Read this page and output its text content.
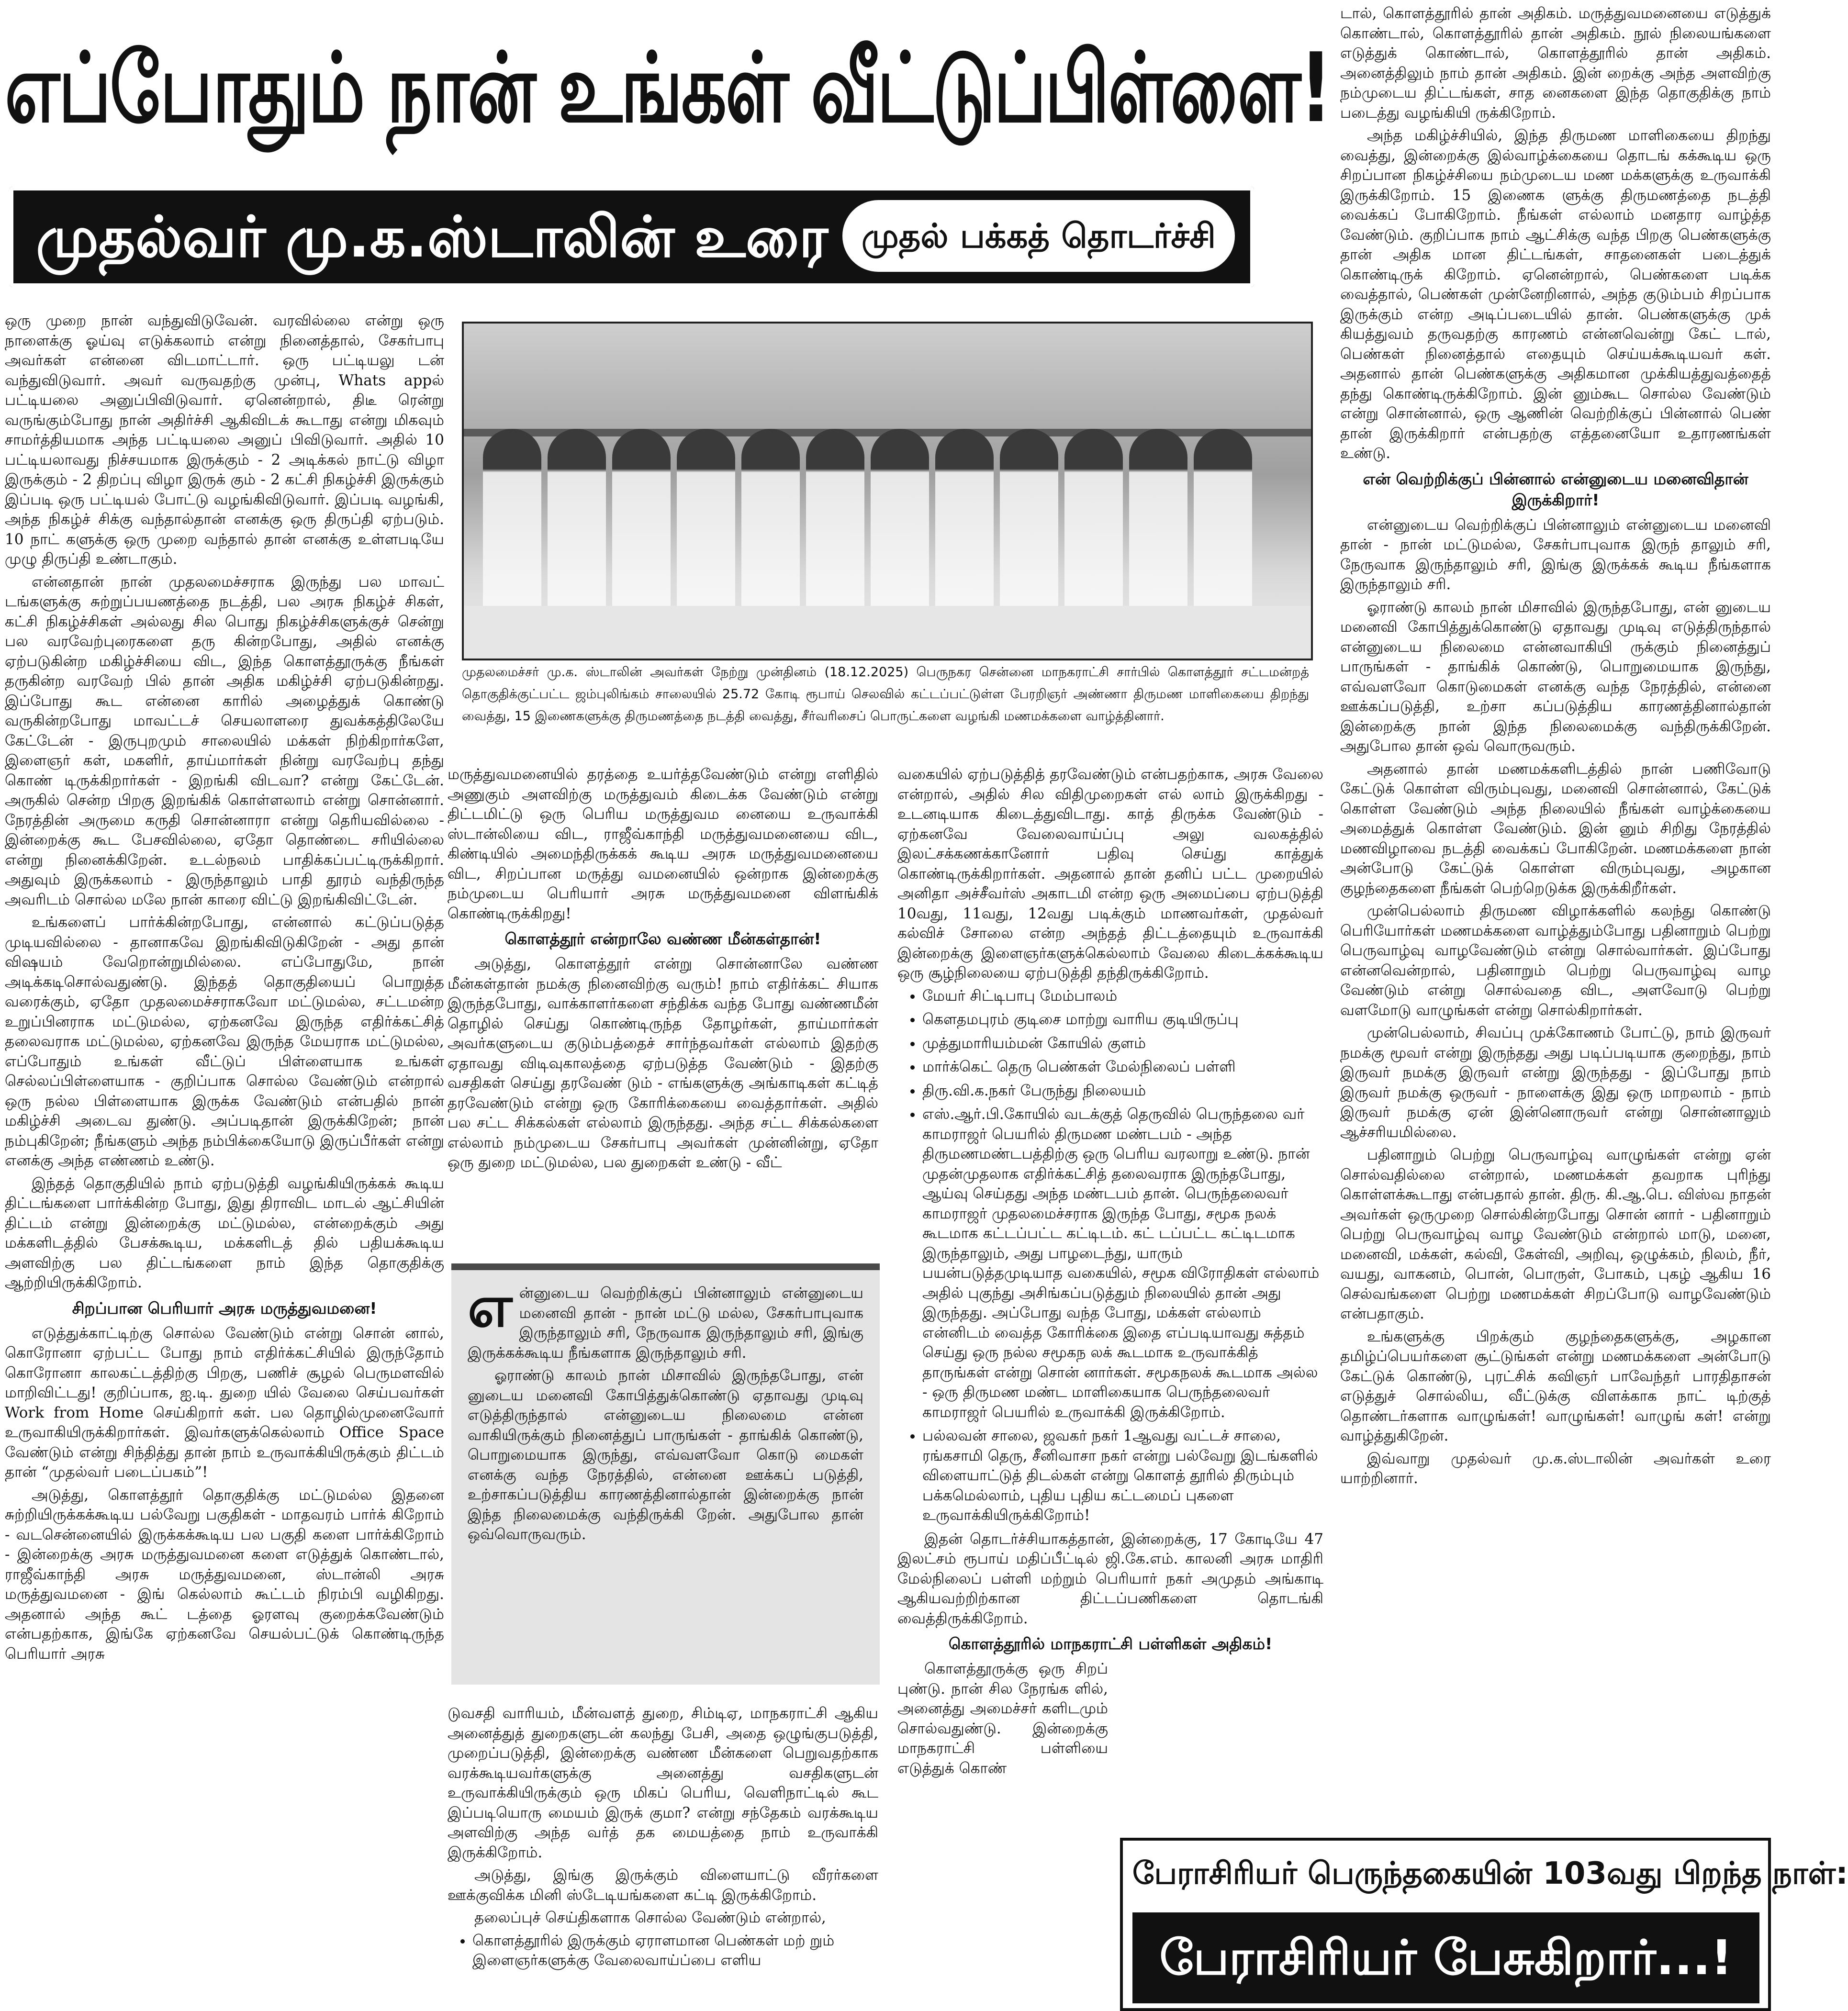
எப்போதும் நான் உங்கள் வீட்டுப்பிள்ளை!
முதல்வர் மு.க.ஸ்டாலின் உரை முதல் பக்கத் தொடர்ச்சி

ஒரு முறை நான் வந்துவிடுவேன். வரவில்லை என்று ஒரு நாளைக்கு ஓய்வு எடுக்கலாம் என்று நினைத்தால், சேகர்பாபு அவர்கள் என்னை விடமாட்டார். ஒரு பட்டியலு டன் வந்துவிடுவார். அவர் வருவதற்கு முன்பு, Whats appல் பட்டியலை அனுப்பிவிடுவார். ஏனென்றால், திடீ ரென்று வருங்கும்போது நான் அதிர்ச்சி ஆகிவிடக் கூடாது என்று மிகவும் சாமர்த்தியமாக அந்த பட்டியலை அனுப் பிவிடுவார். அதில் 10 பட்டியலாவது நிச்சயமாக இருக்கும் - 2 அடிக்கல் நாட்டு விழா இருக்கும் - 2 திறப்பு விழா இருக் கும் - 2 கட்சி நிகழ்ச்சி இருக்கும் இப்படி ஒரு பட்டியல் போட்டு வழங்கிவிடுவார். இப்படி வழங்கி, அந்த நிகழ்ச் சிக்கு வந்தால்தான் எனக்கு ஒரு திருப்தி ஏற்படும். 10 நாட் களுக்கு ஒரு முறை வந்தால் தான் எனக்கு உள்ளபடியே முழு திருப்தி உண்டாகும்.

என்னதான் நான் முதலமைச்சராக இருந்து பல மாவட் டங்களுக்கு சுற்றுப்பயணத்தை நடத்தி, பல அரசு நிகழ்ச் சிகள், கட்சி நிகழ்ச்சிகள் அல்லது சில பொது நிகழ்ச்சிகளுக்குச் சென்று பல வரவேற்புரைகளை தரு கின்றபோது, அதில் எனக்கு ஏற்படுகின்ற மகிழ்ச்சியை விட, இந்த கொளத்தூருக்கு நீங்கள் தருகின்ற வரவேற் பில் தான் அதிக மகிழ்ச்சி ஏற்படுகின்றது. இப்போது கூட என்னை காரில் அழைத்துக் கொண்டு வருகின்றபோது மாவட்டச் செயலாளரை துவக்கத்திலேயே கேட்டேன் - இருபுறமும் சாலையில் மக்கள் நிற்கிறார்களே, இளைஞர் கள், மகளிர், தாய்மார்கள் நின்று வரவேற்பு தந்து கொண் டிருக்கிறார்கள் - இறங்கி விடவா? என்று கேட்டேன். அருகில் சென்ற பிறகு இறங்கிக் கொள்ளலாம் என்று சொன்னார். நேரத்தின் அருமை கருதி சொன்னாரா என்று தெரியவில்லை - இன்றைக்கு கூட பேசவில்லை, ஏதோ தொண்டை சரியில்லை என்று நினைக்கிறேன். உடல்நலம் பாதிக்கப்பட்டிருக்கிறார். அதுவும் இருக்கலாம் - இருந்தாலும் பாதி தூரம் வந்திருந்த அவரிடம் சொல்ல மலே நான் காரை விட்டு இறங்கிவிட்டேன்.

உங்களைப் பார்க்கின்றபோது, என்னால் கட்டுப்படுத்த முடியவில்லை - தானாகவே இறங்கிவிடுகிறேன் - அது தான் விஷயம் வேறொன்றுமில்லை. எப்போதுமே, நான் அடிக்கடிசொல்வதுண்டு. இந்தத் தொகுதியைப் பொறுத்த வரைக்கும், ஏதோ முதலமைச்சராகவோ மட்டுமல்ல, சட்டமன்ற உறுப்பினராக மட்டுமல்ல, ஏற்கனவே இருந்த எதிர்க்கட்சித் தலைவராக மட்டுமல்ல, ஏற்கனவே இருந்த மேயராக மட்டுமல்ல, எப்போதும் உங்கள் வீட்டுப் பிள்ளையாக உங்கள் செல்லப்பிள்ளையாக - குறிப்பாக சொல்ல வேண்டும் என்றால் ஒரு நல்ல பிள்ளையாக இருக்க வேண்டும் என்பதில் நான் மகிழ்ச்சி அடைவ துண்டு. அப்படிதான் இருக்கிறேன்; நான் நம்புகிறேன்; நீங்களும் அந்த நம்பிக்கையோடு இருப்பீர்கள் என்று எனக்கு அந்த எண்ணம் உண்டு.

இந்தத் தொகுதியில் நாம் ஏற்படுத்தி வழங்கியிருக்கக் கூடிய திட்டங்களை பார்க்கின்ற போது, இது திராவிட மாடல் ஆட்சியின் திட்டம் என்று இன்றைக்கு மட்டுமல்ல, என்றைக்கும் அது மக்களிடத்தில் பேசக்கூடிய, மக்களிடத் தில் பதியக்கூடிய அளவிற்கு பல திட்டங்களை நாம் இந்த தொகுதிக்கு ஆற்றியிருக்கிறோம்.

சிறப்பான பெரியார் அரசு மருத்துவமனை!

எடுத்துக்காட்டிற்கு சொல்ல வேண்டும் என்று சொன் னால், கொரோனா ஏற்பட்ட போது நாம் எதிர்க்கட்சியில் இருந்தோம் கொரோனா காலகட்டத்திற்கு பிறகு, பணிச் சூழல் பெருமளவில் மாறிவிட்டது! குறிப்பாக, ஐ.டி. துறை யில் வேலை செய்பவர்கள் Work from Home செய்கிறார் கள். பல தொழில்முனைவோர் உருவாகியிருக்கிறார்கள். இவர்களுக்கெல்லாம் Office Space வேண்டும் என்று சிந்தித்து தான் நாம் உருவாக்கியிருக்கும் திட்டம் தான் “முதல்வர் படைப்பகம்”!

அடுத்து, கொளத்தூர் தொகுதிக்கு மட்டுமல்ல இதனை சுற்றியிருக்கக்கூடிய பல்வேறு பகுதிகள் - மாதவரம் பார்க் கிறோம் - வடசென்னையில் இருக்கக்கூடிய பல பகுதி களை பார்க்கிறோம் - இன்றைக்கு அரசு மருத்துவமனை களை எடுத்துக் கொண்டால், ராஜீவ்காந்தி அரசு மருத்துவமனை, ஸ்டான்லி அரசு மருத்துவமனை - இங் கெல்லாம் கூட்டம் நிரம்பி வழிகிறது. அதனால் அந்த கூட் டத்தை ஓரளவு குறைக்கவேண்டும் என்பதற்காக, இங்கே ஏற்கனவே செயல்பட்டுக் கொண்டிருந்த பெரியார் அரசு

முதலமைச்சர் மு.க. ஸ்டாலின் அவர்கள் நேற்று முன்தினம் (18.12.2025) பெருநகர சென்னை மாநகராட்சி சார்பில் கொளத்தூர் சட்டமன்றத் தொகுதிக்குட்பட்ட ஜம்புலிங்கம் சாலையில் 25.72 கோடி ரூபாய் செலவில் கட்டப்பட்டுள்ள பேரறிஞர் அண்ணா திருமண மாளிகையை திறந்து வைத்து, 15 இணைகளுக்கு திருமணத்தை நடத்தி வைத்து, சீர்வரிசைப் பொருட்களை வழங்கி மணமக்களை வாழ்த்தினார்.

மருத்துவமனையில் தரத்தை உயர்த்தவேண்டும் என்று எளிதில் அணுகும் அளவிற்கு மருத்துவம் கிடைக்க வேண்டும் என்று திட்டமிட்டு ஒரு பெரிய மருத்துவம னையை உருவாக்கி ஸ்டான்லியை விட, ராஜீவ்காந்தி மருத்துவமனையை விட, கிண்டியில் அமைந்திருக்கக் கூடிய அரசு மருத்துவமனையை விட, சிறப்பான மருத்து வமனையில் ஒன்றாக இன்றைக்கு நம்முடைய பெரியார் அரசு மருத்துவமனை விளங்கிக் கொண்டிருக்கிறது!

கொளத்தூர் என்றாலே வண்ண மீன்கள்தான்!

அடுத்து, கொளத்தூர் என்று சொன்னாலே வண்ண மீன்கள்தான் நமக்கு நினைவிற்கு வரும்! நாம் எதிர்க்கட் சியாக இருந்தபோது, வாக்காளர்களை சந்திக்க வந்த போது வண்ணமீன் தொழில் செய்து கொண்டிருந்த தோழர்கள், தாய்மார்கள் அவர்களுடைய குடும்பத்தைச் சார்ந்தவர்கள் எல்லாம் இதற்கு ஏதாவது விடிவுகாலத்தை ஏற்படுத்த வேண்டும் - இதற்கு வசதிகள் செய்து தரவேண் டும் - எங்களுக்கு அங்காடிகள் கட்டித் தரவேண்டும் என்று ஒரு கோரிக்கையை வைத்தார்கள். அதில் பல சட்ட சிக்கல்கள் எல்லாம் இருந்தது. அந்த சட்ட சிக்கல்களை எல்லாம் நம்முடைய சேகர்பாபு அவர்கள் முன்னின்று, ஏதோ ஒரு துறை மட்டுமல்ல, பல துறைகள் உண்டு - வீட்

எ ன்னுடைய வெற்றிக்குப் பின்னாலும் என்னுடைய மனைவி தான் - நான் மட்டு மல்ல, சேகர்பாபுவாக இருந்தாலும் சரி, நேருவாக இருந்தாலும் சரி, இங்கு இருக்கக்கூடிய நீங்களாக இருந்தாலும் சரி.

ஓராண்டு காலம் நான் மிசாவில் இருந்தபோது, என் னுடைய மனைவி கோபித்துக்கொண்டு ஏதாவது முடிவு எடுத்திருந்தால் என்னுடைய நிலைமை என்ன வாகியிருக்கும் நினைத்துப் பாருங்கள் - தாங்கிக் கொண்டு, பொறுமையாக இருந்து, எவ்வளவோ கொடு மைகள் எனக்கு வந்த நேரத்தில், என்னை ஊக்கப் படுத்தி, உற்சாகப்படுத்திய காரணத்தினால்தான் இன்றைக்கு நான் இந்த நிலைமைக்கு வந்திருக்கி றேன். அதுபோல தான் ஒவ்வொருவரும்.

டுவசதி வாரியம், மீன்வளத் துறை, சிம்டிஏ, மாநகராட்சி ஆகிய அனைத்துத் துறைகளுடன் கலந்து பேசி, அதை ஒழுங்குபடுத்தி, முறைப்படுத்தி, இன்றைக்கு வண்ண மீன்களை பெறுவதற்காக வரக்கூடியவர்களுக்கு அனைத்து வசதிகளுடன் உருவாக்கியிருக்கும் ஒரு மிகப் பெரிய, வெளிநாட்டில் கூட இப்படியொரு மையம் இருக் குமா? என்று சந்தேகம் வரக்கூடிய அளவிற்கு அந்த வர்த் தக மையத்தை நாம் உருவாக்கி இருக்கிறோம்.

அடுத்து, இங்கு இருக்கும் விளையாட்டு வீரர்களை ஊக்குவிக்க மினி ஸ்டேடியங்களை கட்டி இருக்கிறோம்.

தலைப்புச் செய்திகளாக சொல்ல வேண்டும் என்றால்,

• கொளத்தூரில் இருக்கும் ஏராளமான பெண்கள் மற் றும் இளைஞர்களுக்கு வேலைவாய்ப்பை எளிய

வகையில் ஏற்படுத்தித் தரவேண்டும் என்பதற்காக, அரசு வேலை என்றால், அதில் சில விதிமுறைகள் எல் லாம் இருக்கிறது - உடனடியாக கிடைத்துவிடாது. காத் திருக்க வேண்டும் - ஏற்கனவே வேலைவாய்ப்பு அலு வலகத்தில் இலட்சக்கணக்கானோர் பதிவு செய்து காத்துக் கொண்டிருக்கிறார்கள். அதனால் தான் தனிப் பட்ட முறையில் அனிதா அச்சீவர்ஸ் அகாடமி என்ற ஒரு அமைப்பை ஏற்படுத்தி 10வது, 11வது, 12வது படிக்கும் மாணவர்கள், முதல்வர் கல்விச் சோலை என்ற அந்தத் திட்டத்தையும் உருவாக்கி இன்றைக்கு இளைஞர்களுக்கெல்லாம் வேலை கிடைக்கக்கூடிய ஒரு சூழ்நிலையை ஏற்படுத்தி தந்திருக்கிறோம்.

• மேயர் சிட்டிபாபு மேம்பாலம்
• கௌதமபுரம் குடிசை மாற்று வாரிய குடியிருப்பு
• முத்துமாரியம்மன் கோயில் குளம்
• மார்க்கெட் தெரு பெண்கள் மேல்நிலைப் பள்ளி
• திரு.வி.க.நகர் பேருந்து நிலையம்
• எஸ்.ஆர்.பி.கோயில் வடக்குத் தெருவில் பெருந்தலை வர் காமராஜர் பெயரில் திருமண மண்டபம் - அந்த திருமணமண்டபத்திற்கு ஒரு பெரிய வரலாறு உண்டு. நான் முதன்முதலாக எதிர்க்கட்சித் தலைவராக இருந்தபோது, ஆய்வு செய்தது அந்த மண்டபம் தான். பெருந்தலைவர் காமராஜர் முதலமைச்சராக இருந்த போது, சமூக நலக் கூடமாக கட்டப்பட்ட கட்டிடம். கட் டப்பட்ட கட்டிடமாக இருந்தாலும், அது பாழடைந்து, யாரும் பயன்படுத்தமுடியாத வகையில், சமூக விரோதிகள் எல்லாம் அதில் புகுந்து அசிங்கப்படுத்தும் நிலையில் தான் அது இருந்தது. அப்போது வந்த போது, மக்கள் எல்லாம் என்னிடம் வைத்த கோரிக்கை இதை எப்படியாவது சுத்தம் செய்து ஒரு நல்ல சமூகந லக் கூடமாக உருவாக்கித் தாருங்கள் என்று சொன் னார்கள். சமூகநலக் கூடமாக அல்ல - ஒரு திருமண மண்ட மாளிகையாக பெருந்தலைவர் காமராஜர் பெயரில் உருவாக்கி இருக்கிறோம்.
• பல்லவன் சாலை, ஜவகர் நகர் 1ஆவது வட்டச் சாலை, ரங்கசாமி தெரு, சீனிவாசா நகர் என்று பல்வேறு இடங்களில் விளையாட்டுத் திடல்கள் என்று கொளத் தூரில் திரும்பும் பக்கமெல்லாம், புதிய புதிய கட்டமைப் புகளை உருவாக்கியிருக்கிறோம்!

இதன் தொடர்ச்சியாகத்தான், இன்றைக்கு, 17 கோடியே 47 இலட்சம் ரூபாய் மதிப்பீட்டில் ஜி.கே.எம். காலனி அரசு மாதிரி மேல்நிலைப் பள்ளி மற்றும் பெரியார் நகர் அமுதம் அங்காடி ஆகியவற்றிற்கான திட்டப்பணிகளை தொடங்கி வைத்திருக்கிறோம்.

கொளத்தூரில் மாநகராட்சி பள்ளிகள் அதிகம்!

கொளத்தூருக்கு ஒரு சிறப் புண்டு. நான் சில நேரங்க ளில், அனைத்து அமைச்சர் களிடமும் சொல்வதுண்டு. இன்றைக்கு மாநகராட்சி பள்ளியை எடுத்துக் கொண்

டால், கொளத்தூரில் தான் அதிகம். மருத்துவமனையை எடுத்துக் கொண்டால், கொளத்தூரில் தான் அதிகம். நூல் நிலையங்களை எடுத்துக் கொண்டால், கொளத்தூரில் தான் அதிகம். அனைத்திலும் நாம் தான் அதிகம். இன் றைக்கு அந்த அளவிற்கு நம்முடைய திட்டங்கள், சாத னைகளை இந்த தொகுதிக்கு நாம் படைத்து வழங்கியி ருக்கிறோம்.

அந்த மகிழ்ச்சியில், இந்த திருமண மாளிகையை திறந்து வைத்து, இன்றைக்கு இல்வாழ்க்கையை தொடங் கக்கூடிய ஒரு சிறப்பான நிகழ்ச்சியை நம்முடைய மண மக்களுக்கு உருவாக்கி இருக்கிறோம். 15 இணைக ளுக்கு திருமணத்தை நடத்தி வைக்கப் போகிறோம். நீங்கள் எல்லாம் மனதார வாழ்த்த வேண்டும். குறிப்பாக நாம் ஆட்சிக்கு வந்த பிறகு பெண்களுக்கு தான் அதிக மான திட்டங்கள், சாதனைகள் படைத்துக் கொண்டிருக் கிறோம். ஏனென்றால், பெண்களை படிக்க வைத்தால், பெண்கள் முன்னேறினால், அந்த குடும்பம் சிறப்பாக இருக்கும் என்ற அடிப்படையில் தான். பெண்களுக்கு முக் கியத்துவம் தருவதற்கு காரணம் என்னவென்று கேட் டால், பெண்கள் நினைத்தால் எதையும் செய்யக்கூடியவர் கள். அதனால் தான் பெண்களுக்கு அதிகமான முக்கியத்துவத்தைத் தந்து கொண்டிருக்கிறோம். இன் னும்கூட சொல்ல வேண்டும் என்று சொன்னால், ஒரு ஆணின் வெற்றிக்குப் பின்னால் பெண் தான் இருக்கிறார் என்பதற்கு எத்தனையோ உதாரணங்கள் உண்டு.

என் வெற்றிக்குப் பின்னால் என்னுடைய மனைவிதான் இருக்கிறார்!

என்னுடைய வெற்றிக்குப் பின்னாலும் என்னுடைய மனைவி தான் - நான் மட்டுமல்ல, சேகர்பாபுவாக இருந் தாலும் சரி, நேருவாக இருந்தாலும் சரி, இங்கு இருக்கக் கூடிய நீங்களாக இருந்தாலும் சரி.

ஓராண்டு காலம் நான் மிசாவில் இருந்தபோது, என் னுடைய மனைவி கோபித்துக்கொண்டு ஏதாவது முடிவு எடுத்திருந்தால் என்னுடைய நிலைமை என்னவாகியி ருக்கும் நினைத்துப் பாருங்கள் - தாங்கிக் கொண்டு, பொறுமையாக இருந்து, எவ்வளவோ கொடுமைகள் எனக்கு வந்த நேரத்தில், என்னை ஊக்கப்படுத்தி, உற்சா கப்படுத்திய காரணத்தினால்தான் இன்றைக்கு நான் இந்த நிலைமைக்கு வந்திருக்கிறேன். அதுபோல தான் ஒவ் வொருவரும்.

அதனால் தான் மணமக்களிடத்தில் நான் பணிவோடு கேட்டுக் கொள்ள விரும்புவது, மனைவி சொன்னால், கேட்டுக் கொள்ள வேண்டும் அந்த நிலையில் நீங்கள் வாழ்க்கையை அமைத்துக் கொள்ள வேண்டும். இன் னும் சிறிது நேரத்தில் மணவிழாவை நடத்தி வைக்கப் போகிறேன். மணமக்களை நான் அன்போடு கேட்டுக் கொள்ள விரும்புவது, அழகான குழந்தைகளை நீங்கள் பெற்றெடுக்க இருக்கிறீர்கள்.

முன்பெல்லாம் திருமண விழாக்களில் கலந்து கொண்டு பெரியோர்கள் மணமக்களை வாழ்த்தும்போது பதினாறும் பெற்று பெருவாழ்வு வாழவேண்டும் என்று சொல்வார்கள். இப்போது என்னவென்றால், பதினாறும் பெற்று பெருவாழ்வு வாழ வேண்டும் என்று சொல்வதை விட, அளவோடு பெற்று வளமோடு வாழுங்கள் என்று சொல்கிறார்கள்.

முன்பெல்லாம், சிவப்பு முக்கோணம் போட்டு, நாம் இருவர் நமக்கு மூவர் என்று இருந்தது அது படிப்படியாக குறைந்து, நாம் இருவர் நமக்கு இருவர் என்று இருந்தது - இப்போது நாம் இருவர் நமக்கு ஒருவர் - நாளைக்கு இது ஒரு மாறலாம் - நாம் இருவர் நமக்கு ஏன் இன்னொருவர் என்று சொன்னாலும் ஆச்சரியமில்லை.

பதினாறும் பெற்று பெருவாழ்வு வாழுங்கள் என்று ஏன் சொல்வதில்லை என்றால், மணமக்கள் தவறாக புரிந்து கொள்ளக்கூடாது என்பதால் தான். திரு. கி.ஆ.பெ. விஸ்வ நாதன் அவர்கள் ஒருமுறை சொல்கின்றபோது சொன் னார் - பதினாறும் பெற்று பெருவாழ்வு வாழ வேண்டும் என்றால் மாடு, மனை, மனைவி, மக்கள், கல்வி, கேள்வி, அறிவு, ஒழுக்கம், நிலம், நீர், வயது, வாகனம், பொன், பொருள், போகம், புகழ் ஆகிய 16 செல்வங்களை பெற்று மணமக்கள் சிறப்போடு வாழவேண்டும் என்பதாகும்.

உங்களுக்கு பிறக்கும் குழந்தைகளுக்கு, அழகான தமிழ்ப்பெயர்களை சூட்டுங்கள் என்று மணமக்களை அன்போடு கேட்டுக் கொண்டு, புரட்சிக் கவிஞர் பாவேந்தர் பாரதிதாசன் எடுத்துச் சொல்லிய, வீட்டுக்கு விளக்காக நாட் டிற்குத் தொண்டர்களாக வாழுங்கள்! வாழுங்கள்! வாழுங் கள்! என்று வாழ்த்துகிறேன்.

இவ்வாறு முதல்வர் மு.க.ஸ்டாலின் அவர்கள் உரை யாற்றினார்.

பேராசிரியர் பெருந்தகையின் 103வது பிறந்த நாள்:
பேராசிரியர் பேசுகிறார்...!
